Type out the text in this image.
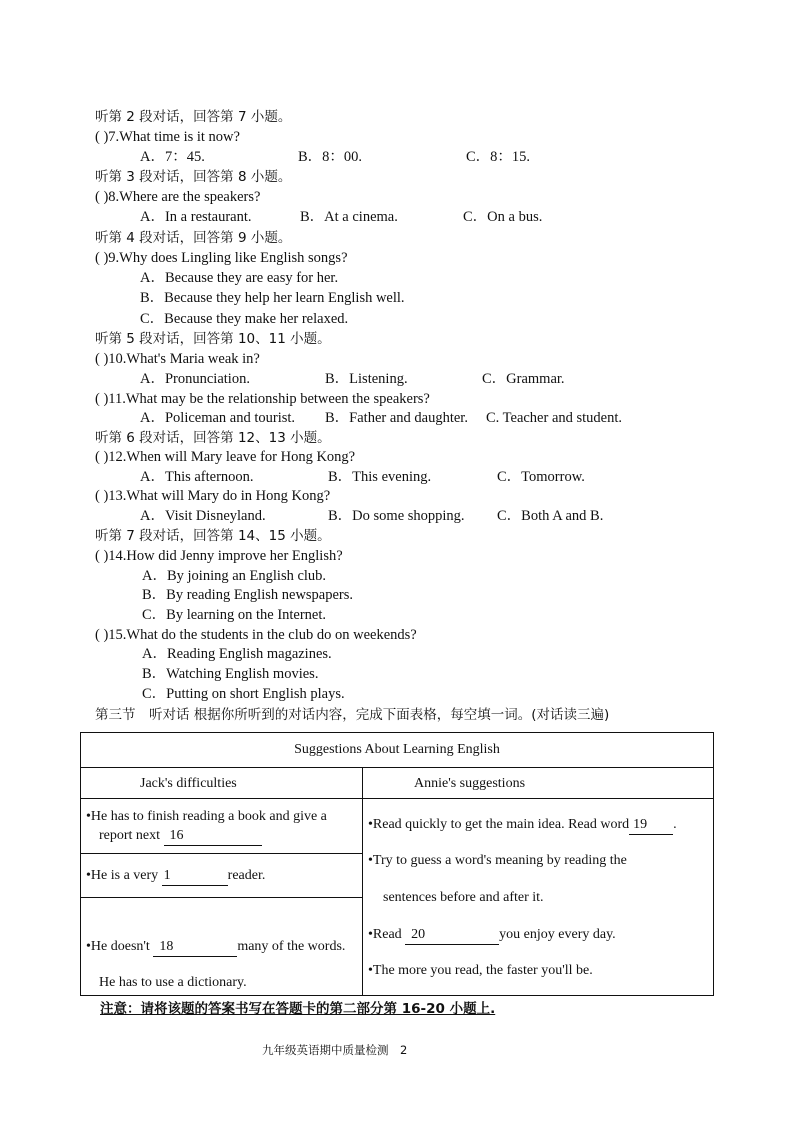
听第 2 段对话，回答第 7 小题。
( )7.What time is it now?
A．7：45.	B．8：00.	C．8：15.
听第 3 段对话，回答第 8 小题。
( )8.Where are the speakers?
A．In a restaurant.	B．At a cinema.	C．On a bus.
听第 4 段对话，回答第 9 小题。
( )9.Why does Lingling like English songs?
A．Because they are easy for her.
B．Because they help her learn English well.
C．Because they make her relaxed.
听第 5 段对话，回答第 10、11 小题。
( )10.What's Maria weak in?
A．Pronunciation.	B．Listening.	C．Grammar.
( )11.What may be the relationship between the speakers?
A．Policeman and tourist. B．Father and daughter. C. Teacher and student.
听第 6 段对话，回答第 12、13 小题。
( )12.When will Mary leave for Hong Kong?
A．This afternoon.	B．This evening.	C．Tomorrow.
( )13.What will Mary do in Hong Kong?
A．Visit Disneyland.	B．Do some shopping. C．Both A and B.
听第 7 段对话，回答第 14、15 小题。
( )14.How did Jenny improve her English?
A．By joining an English club.
B．By reading English newspapers.
C．By learning on the Internet.
( )15.What do the students in the club do on weekends?
A．Reading English magazines.
B．Watching English movies.
C．Putting on short English plays.
第三节　听对话 根据你所听到的对话内容，完成下面表格，每空填一词。(对话读三遍)
Suggestions About Learning English
Jack's difficulties	Annie's suggestions
•He has to finish reading a book and give a
report next 16
•He is a very 1	reader.
•He doesn't 18	many of the words.
He has to use a dictionary.
•Read quickly to get the main idea. Read word 19 .
•Try to guess a word's meaning by reading the
sentences before and after it.
•Read 20	you enjoy every day.
•The more you read, the faster you'll be.
注意：请将该题的答案书写在答题卡的第二部分第 16-20 小题上.
九年级英语期中质量检测　2
